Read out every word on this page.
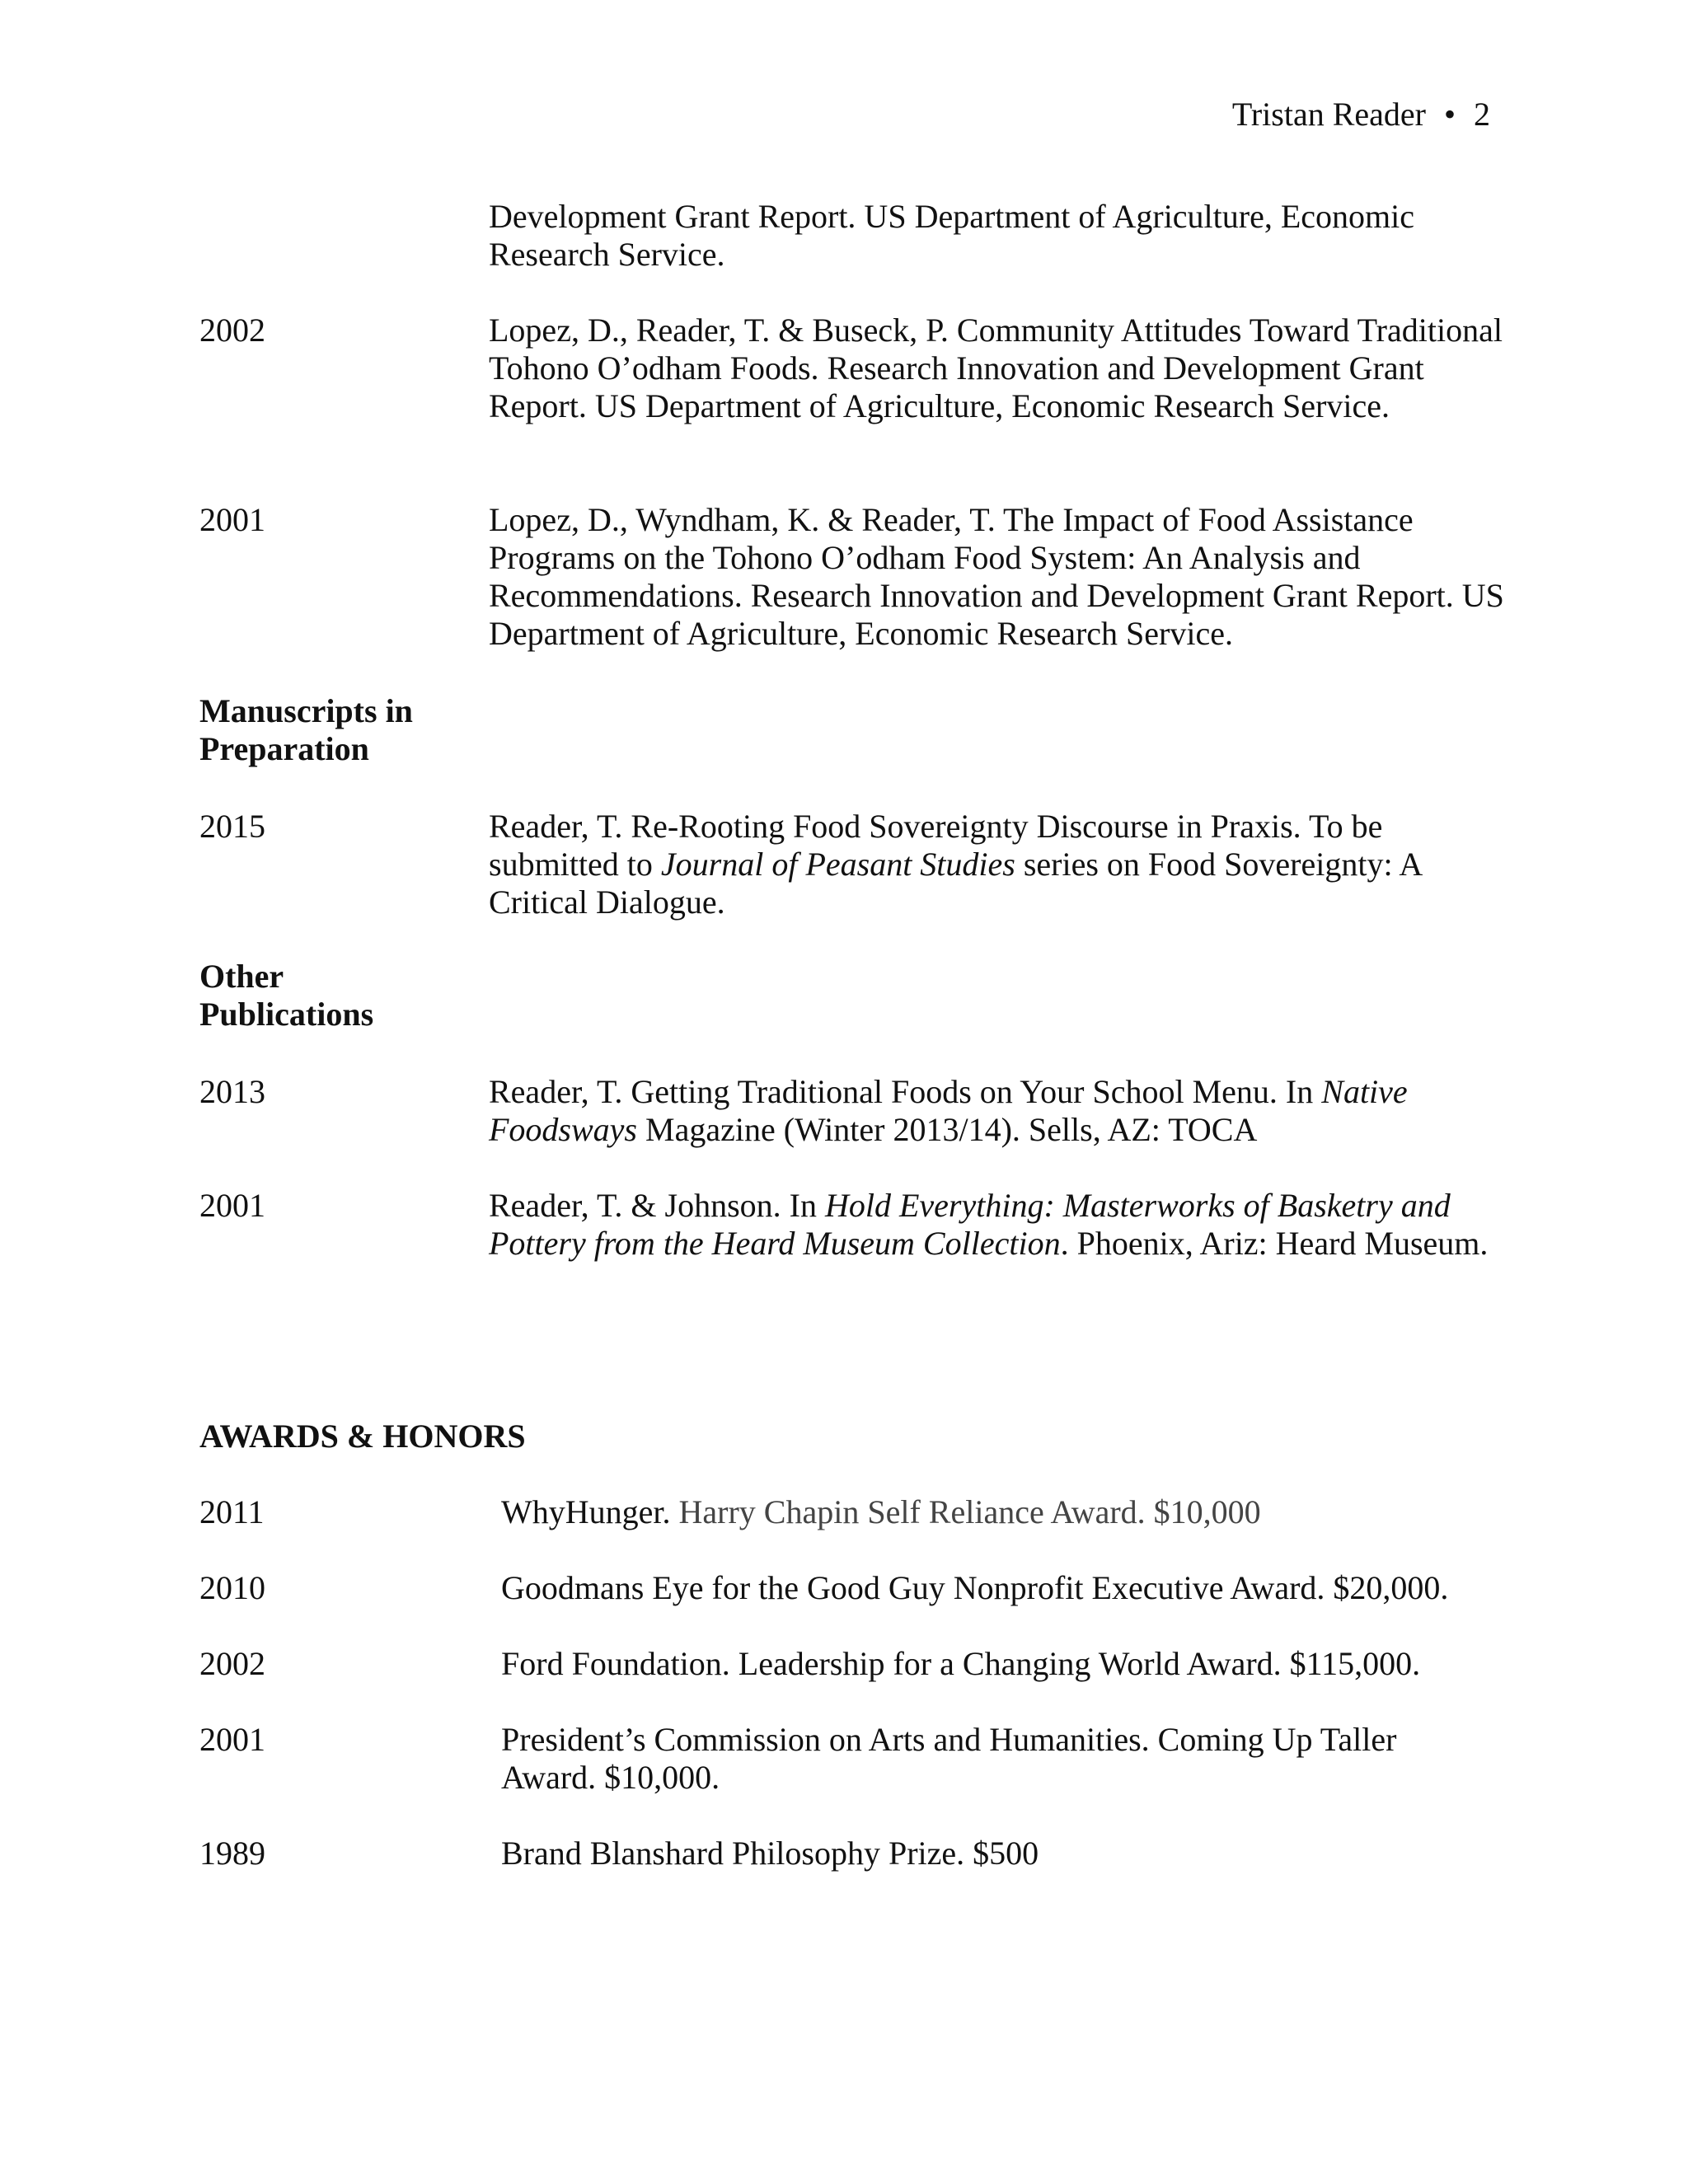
Tristan Reader • 2
Development Grant Report. US Department of Agriculture, Economic
Research Service.
2002	Lopez, D., Reader, T. & Buseck, P. Community Attitudes Toward Traditional Tohono O’odham Foods. Research Innovation and Development Grant Report. US Department of Agriculture, Economic Research Service.
2001	Lopez, D., Wyndham, K. & Reader, T. The Impact of Food Assistance Programs on the Tohono O’odham Food System: An Analysis and Recommendations. Research Innovation and Development Grant Report. US Department of Agriculture, Economic Research Service.
Manuscripts in
Preparation
2015	Reader, T. Re-Rooting Food Sovereignty Discourse in Praxis. To be submitted to Journal of Peasant Studies series on Food Sovereignty: A Critical Dialogue.
Other
Publications
2013	Reader, T. Getting Traditional Foods on Your School Menu. In Native Foodsways Magazine (Winter 2013/14). Sells, AZ: TOCA
2001	Reader, T. & Johnson. In Hold Everything: Masterworks of Basketry and Pottery from the Heard Museum Collection. Phoenix, Ariz: Heard Museum.
AWARDS & HONORS
2011	WhyHunger. Harry Chapin Self Reliance Award. $10,000
2010	Goodmans Eye for the Good Guy Nonprofit Executive Award. $20,000.
2002	Ford Foundation. Leadership for a Changing World Award. $115,000.
2001	President’s Commission on Arts and Humanities. Coming Up Taller Award. $10,000.
1989	Brand Blanshard Philosophy Prize. $500
